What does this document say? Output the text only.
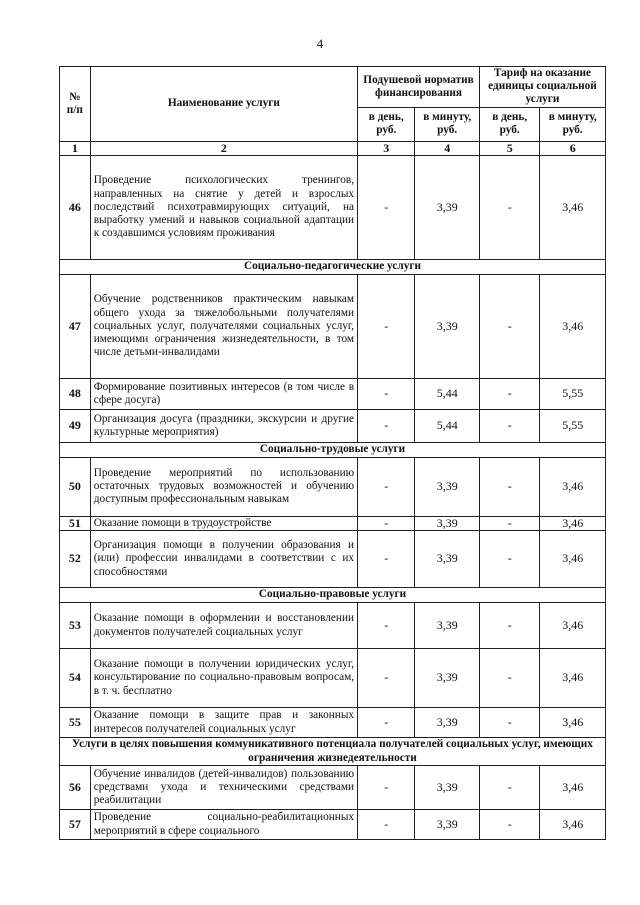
4
№ п/п	Наименование услуги	Подушевой норматив финансирования		Тариф на оказание единицы социальной услуги	
		в день, руб.	в минуту, руб.	в день, руб.	в минуту, руб.
1	2	3	4	5	6
46	Проведение психологических тренингов, направленных на снятие у детей и взрослых последствий психотравмирующих ситуаций, на выработку умений и навыков социальной адаптации к создавшимся условиям проживания	-	3,39	-	3,46
Социально-педагогические услуги					
47	Обучение родственников практическим навыкам общего ухода за тяжелобольными получателями социальных услуг, получателями социальных услуг, имеющими ограничения жизнедеятельности, в том числе детьми-инвалидами	-	3,39	-	3,46
48	Формирование позитивных интересов (в том числе в сфере досуга)	-	5,44	-	5,55
49	Организация досуга (праздники, экскурсии и другие культурные мероприятия)	-	5,44	-	5,55
Социально-трудовые услуги					
50	Проведение мероприятий по использованию остаточных трудовых возможностей и обучению доступным профессиональным навыкам	-	3,39	-	3,46
51	Оказание помощи в трудоустройстве	-	3,39	-	3,46
52	Организация помощи в получении образования и (или) профессии инвалидами в соответствии с их способностями	-	3,39	-	3,46
Социально-правовые услуги					
53	Оказание помощи в оформлении и восстановлении документов получателей социальных услуг	-	3,39	-	3,46
54	Оказание помощи в получении юридических услуг, консультирование по социально-правовым вопросам, в т. ч. бесплатно	-	3,39	-	3,46
55	Оказание помощи в защите прав и законных интересов получателей социальных услуг	-	3,39	-	3,46
Услуги в целях повышения коммуникативного потенциала получателей социальных услуг, имеющих ограничения жизнедеятельности					
56	Обучение инвалидов (детей-инвалидов) пользованию средствами ухода и техническими средствами реабилитации	-	3,39	-	3,46
57	Проведение социально-реабилитационных мероприятий в сфере социального	-	3,39	-	3,46
